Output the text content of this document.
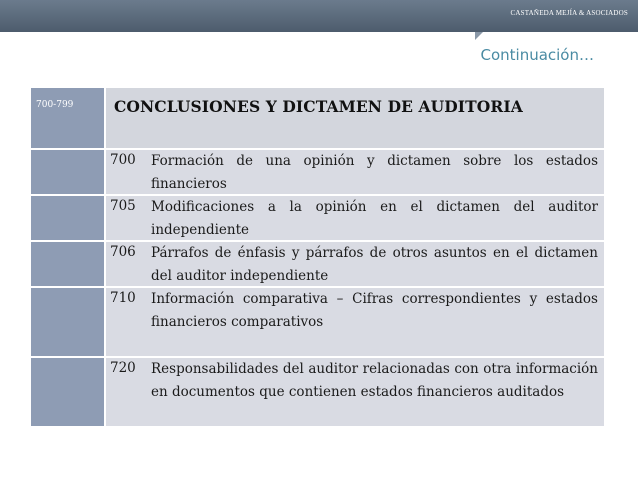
CASTAÑEDA MEJÍA & ASOCIADOS
Continuación…
700-799	CONCLUSIONES Y DICTAMEN DE AUDITORIA
700	Formación de una opinión y dictamen sobre los estados financieros
705	Modificaciones a la opinión en el dictamen del auditor independiente
706	Párrafos de énfasis y párrafos de otros asuntos en el dictamen del auditor independiente
710	Información comparativa – Cifras correspondientes y estados financieros comparativos
720	Responsabilidades del auditor relacionadas con otra información en documentos que contienen estados financieros auditados
